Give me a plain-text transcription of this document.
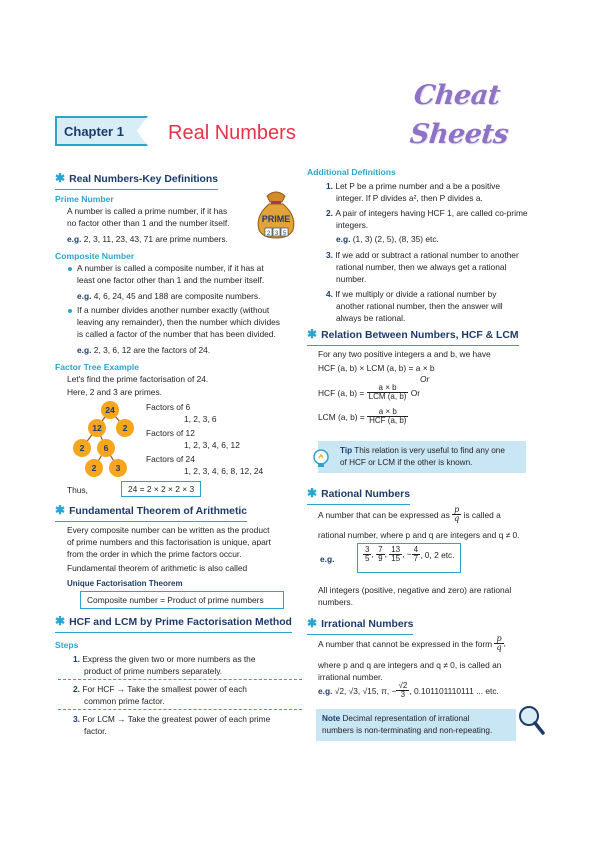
Cheat Sheets
Chapter 1 Real Numbers
✱ Real Numbers-Key Definitions
Prime Number
A number is called a prime number, if it has
no factor other than 1 and the number itself.
e.g. 2, 3, 11, 23, 43, 71 are prime numbers.
PRIME
2 3 5
Composite Number
A number is called a composite number, if it has at
least one factor other than 1 and the number itself.
e.g. 4, 6, 24, 45 and 188 are composite numbers.
If a number divides another number exactly (without
leaving any remainder), then the number which divides
is called a factor of the number that has been divided.
e.g. 2, 3, 6, 12 are the factors of 24.
Factor Tree Example
Let's find the prime factorisation of 24.
Here, 2 and 3 are primes.
24
12	2
2	6
2	3
Factors of 6
1, 2, 3, 6
Factors of 12
1, 2, 3, 4, 6, 12
Factors of 24
1, 2, 3, 4, 6, 8, 12, 24
Thus,	24 = 2 × 2 × 2 × 3
✱ Fundamental Theorem of Arithmetic
Every composite number can be written as the product
of prime numbers and this factorisation is unique, apart
from the order in which the prime factors occur.
Fundamental theorem of arithmetic is also called
Unique Factorisation Theorem
Composite number = Product of prime numbers
✱ HCF and LCM by Prime Factorisation Method
Steps
1. Express the given two or more numbers as the
product of prime numbers separately.
2. For HCF → Take the smallest power of each
common prime factor.
3. For LCM → Take the greatest power of each prime
factor.
Additional Definitions
1. Let P be a prime number and a be a positive
integer. If P divides a², then P divides a.
2. A pair of integers having HCF 1, are called co-prime
integers.
e.g. (1, 3) (2, 5), (8, 35) etc.
3. If we add or subtract a rational number to another
rational number, then we always get a rational
number.
4. If we multiply or divide a rational number by
another rational number, then the answer will
always be rational.
✱ Relation Between Numbers, HCF & LCM
For any two positive integers a and b, we have
HCF (a, b) × LCM (a, b) = a × b
Or
HCF (a, $b) = \frac{a \times b}{\text{LCM (a, b)}}$ Or
LCM (a, $b) = \frac{a \times b}{\text{HCF (a, b)}}$
Tip This relation is very useful to find any one
of HCF or LCM if the other is known.
✱ Rational Numbers
A number that can be expressed as $\frac{p}{q}$ is called a
rational number, where p and q are integers and q ≠ 0.
e.g.	$\frac{3}{5}$ , $\frac{7}{9}$ , $\frac{13}{15}$ , − $\frac{4}{7}$ , 0, 2 etc.
All integers (positive, negative and zero) are rational
numbers.
✱ Irrational Numbers
A number that cannot be expressed in the form $\frac{p}{q}$ ,
where p and q are integers and q ≠ 0, is called an
irrational number.
e.g. √2, √3, √15, π, − $\frac{√2}{3}$ , 0.101101110111 ... etc.
Note Decimal representation of irrational
numbers is non-terminating and non-repeating.
